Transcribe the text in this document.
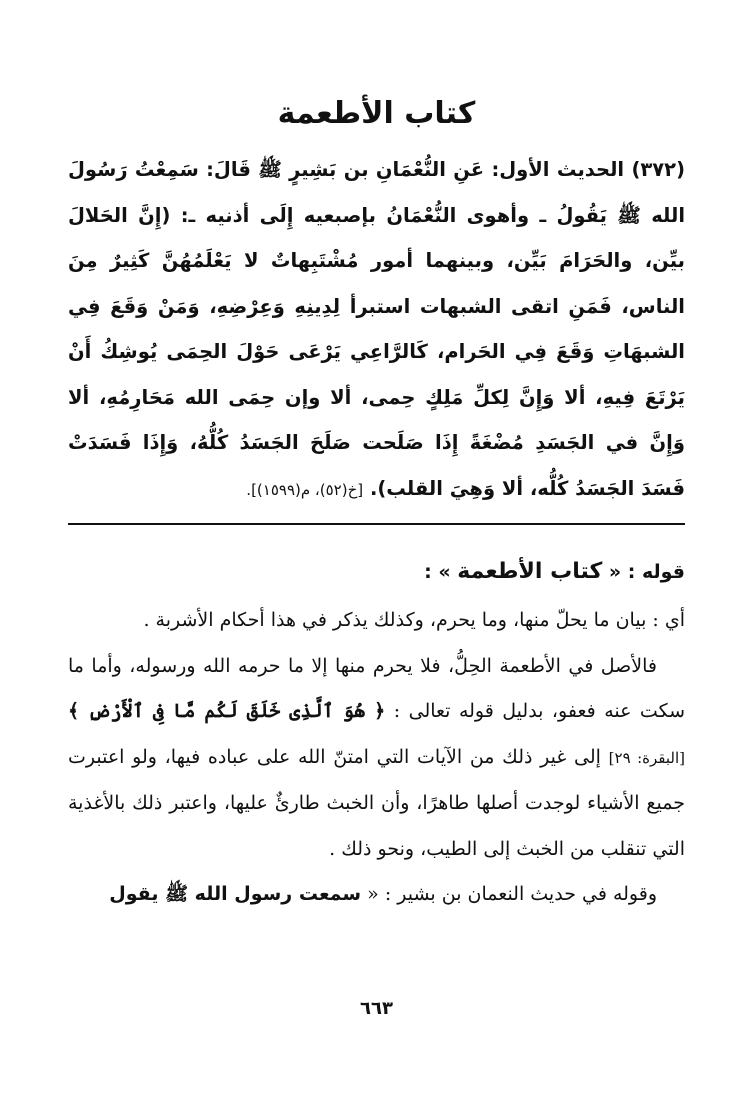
كتاب الأطعمة

(٣٧٢) الحديث الأول: عَنِ النُّعْمَانِ بن بَشِيرٍ ﷺ قَالَ: سَمِعْتُ رَسُولَ الله ﷺ يَقُولُ ـ وأهوى النُّعْمَانُ بإصبعيه إِلَى أذنيه ـ: (إِنَّ الحَلالَ بيِّن، والحَرَامَ بَيِّن، وبينهما أمور مُشْتَبِهاتٌ لا يَعْلَمُهُنَّ كَثِيرٌ مِنَ الناس، فَمَنِ اتقى الشبهات استبرأ لِدِينِهِ وَعِرْضِهِ، وَمَنْ وَقَعَ فِي الشبهَاتِ وَقَعَ فِي الحَرام، كَالرَّاعِي يَرْعَى حَوْلَ الحِمَى يُوشِكُ أَنْ يَرْتَعَ فِيهِ، ألا وَإِنَّ لِكلِّ مَلِكٍ حِمى، ألا وإن حِمَى الله مَحَارِمُهِ، ألا وَإِنَّ في الجَسَدِ مُضْغَةً إِذَا صَلَحت صَلَحَ الجَسَدُ كُلُّهُ، وَإِذَا فَسَدَتْ فَسَدَ الجَسَدُ كُلُّه، ألا وَهِيَ القلب). [خ(٥٢)، م(١٥٩٩)].

قوله : « كتاب الأطعمة » :

أي : بيان ما يحلّ منها، وما يحرم، وكذلك يذكر في هذا أحكام الأشربة .

فالأصل في الأطعمة الحِلُّ، فلا يحرم منها إلا ما حرمه الله ورسوله، وأما ما سكت عنه فعفو، بدليل قوله تعالى : ﴿ هُوَ ٱلَّذِى خَلَقَ لَكُم مَّا فِى ٱلْأَرْضِ ﴾ [البقرة: ٢٩] إلى غير ذلك من الآيات التي امتنّ الله على عباده فيها، ولو اعتبرت جميع الأشياء لوجدت أصلها طاهرًا، وأن الخبث طارئٌ عليها، واعتبر ذلك بالأغذية التي تنقلب من الخبث إلى الطيب، ونحو ذلك .

وقوله في حديث النعمان بن بشير : « سمعت رسول الله ﷺ يقول

٦٦٣
